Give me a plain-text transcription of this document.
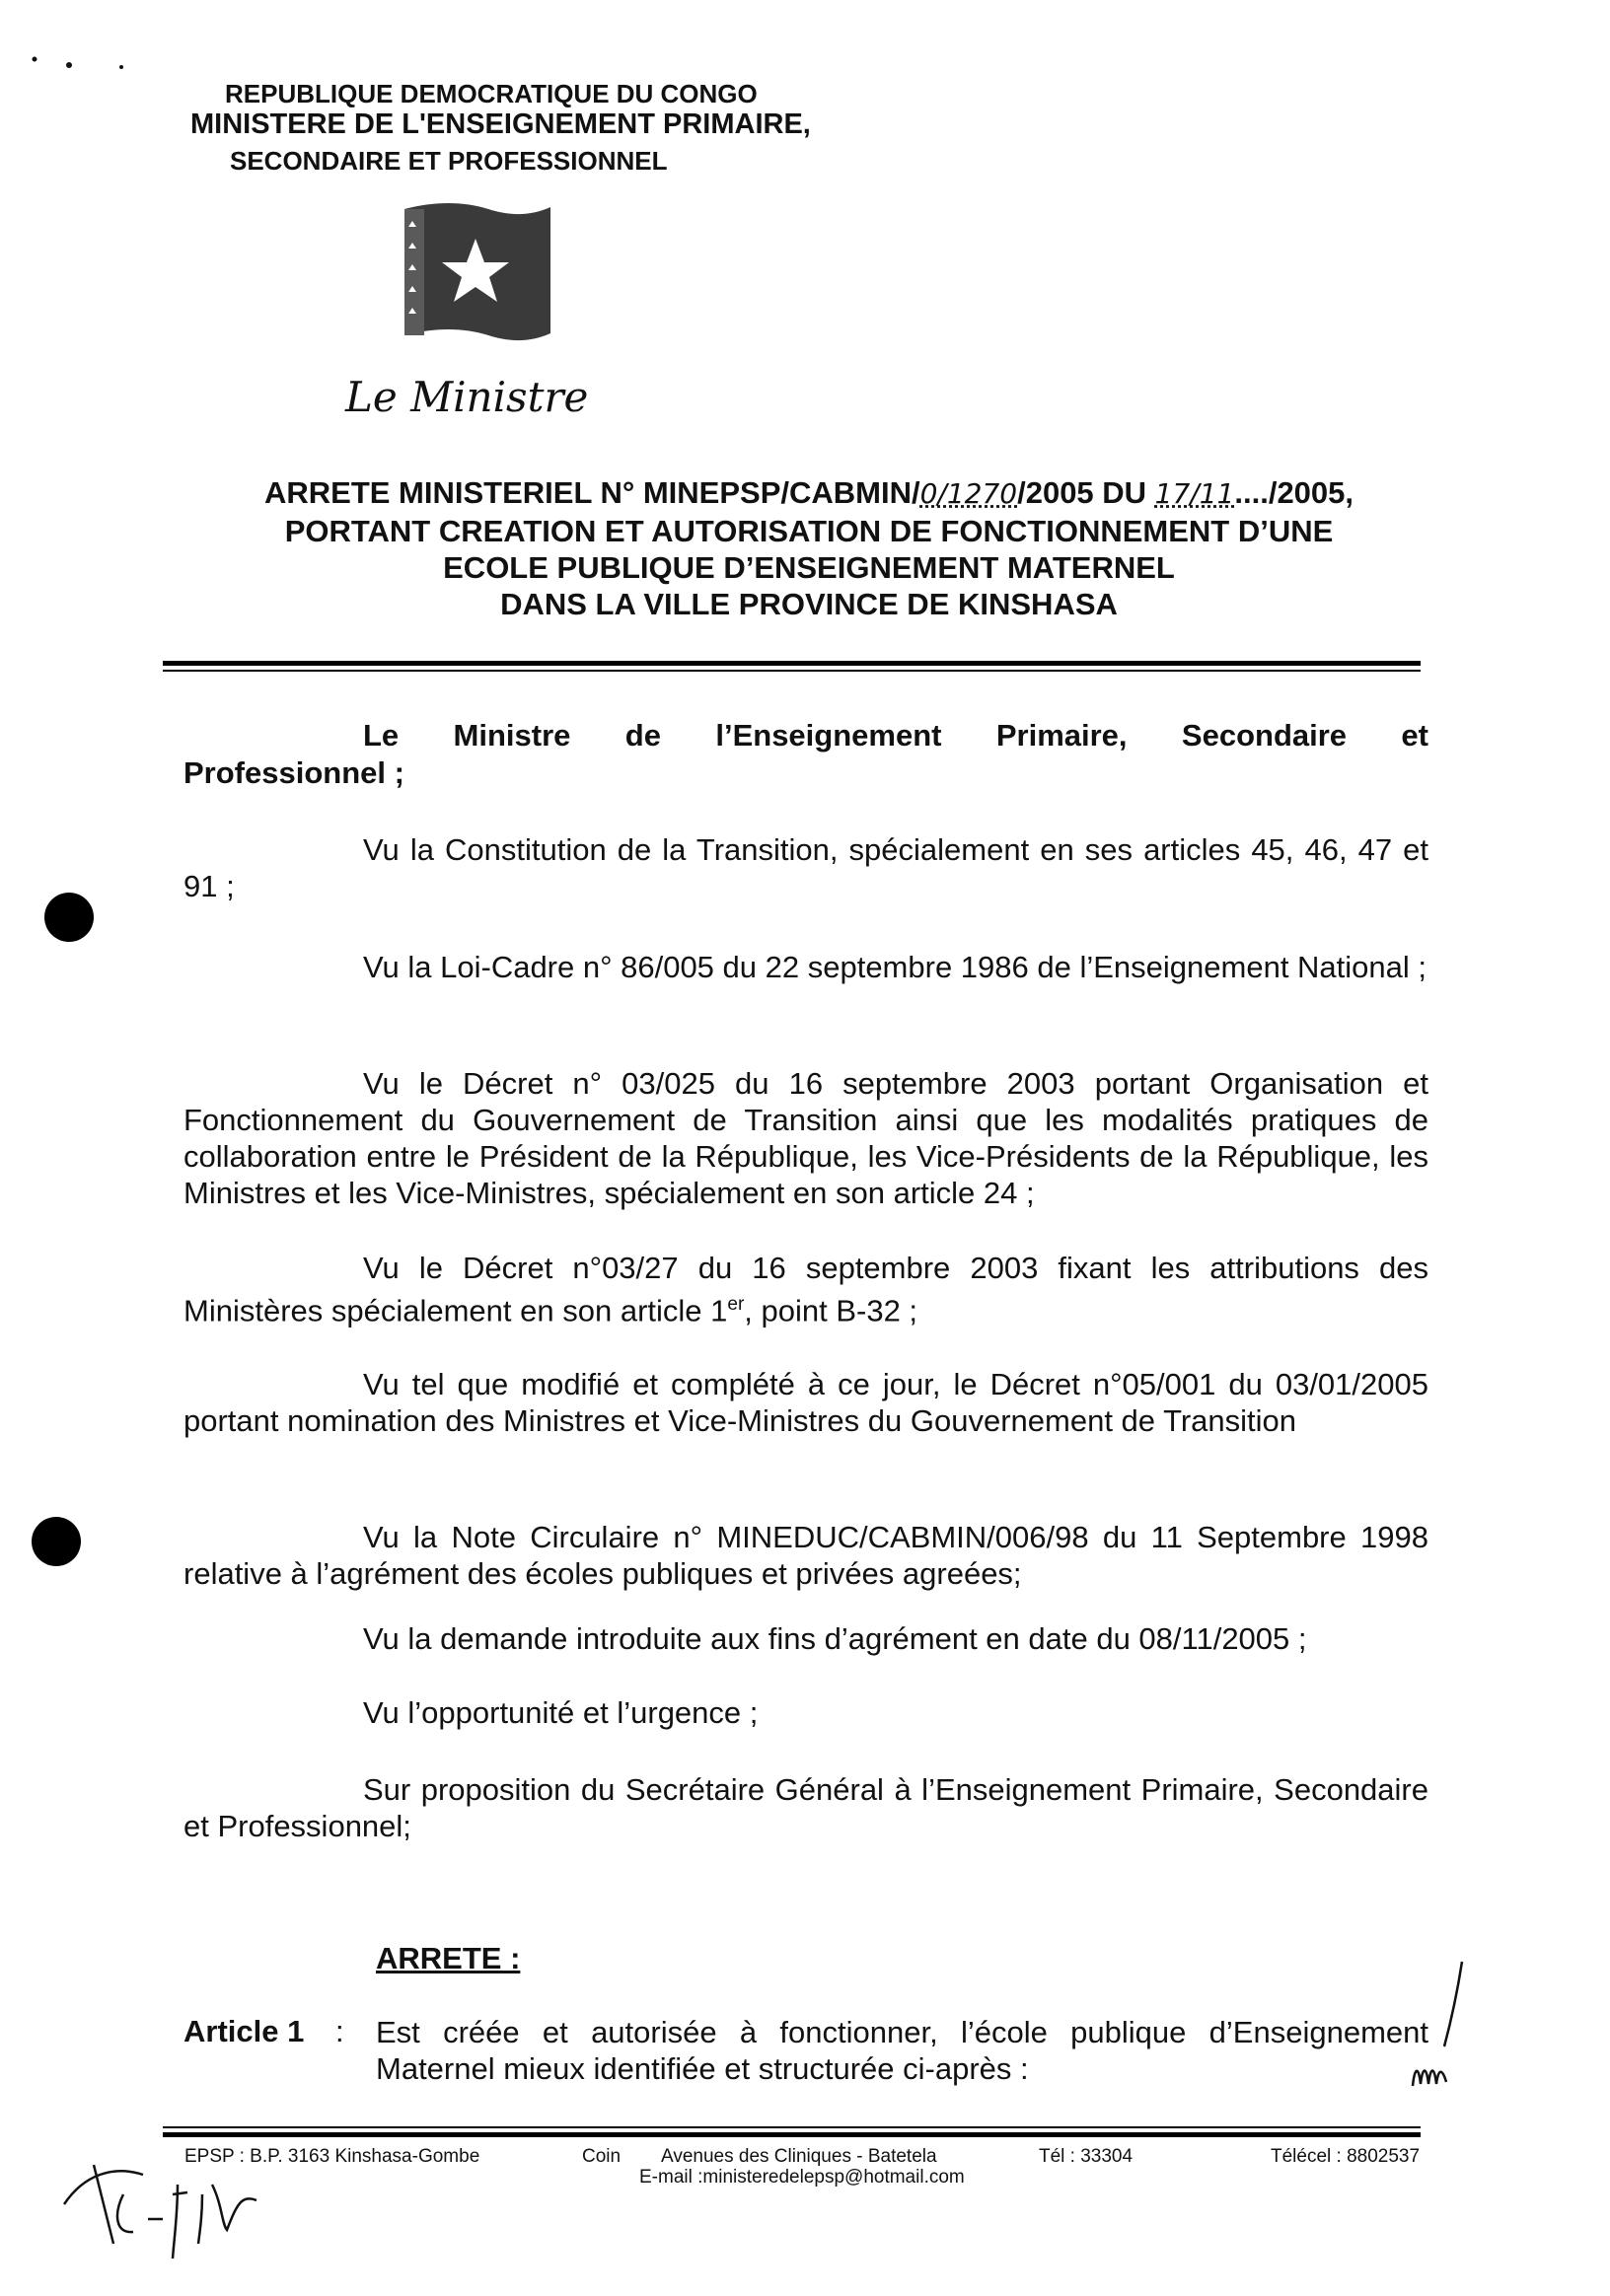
REPUBLIQUE DEMOCRATIQUE DU CONGO
MINISTERE DE L'ENSEIGNEMENT PRIMAIRE,
SECONDAIRE ET PROFESSIONNEL
Le Ministre
ARRETE MINISTERIEL N° MINEPSP/CABMIN/0/1270/2005 DU 17/11..../2005,
PORTANT CREATION ET AUTORISATION DE FONCTIONNEMENT D’UNE
ECOLE PUBLIQUE D’ENSEIGNEMENT MATERNEL
DANS LA VILLE PROVINCE DE KINSHASA
Le Ministre de l’Enseignement Primaire, Secondaire et
Professionnel ;
Vu la Constitution de la Transition, spécialement en ses articles 45, 46, 47 et 91 ;
Vu la Loi-Cadre n° 86/005 du 22 septembre 1986 de l’Enseignement National ;
Vu le Décret n° 03/025 du 16 septembre 2003 portant Organisation et Fonctionnement du Gouvernement de Transition ainsi que les modalités pratiques de collaboration entre le Président de la République, les Vice-Présidents de la République, les Ministres et les Vice-Ministres, spécialement en son article 24 ;
Vu le Décret n°03/27 du 16 septembre 2003 fixant les attributions des Ministères spécialement en son article 1er, point B-32 ;
Vu tel que modifié et complété à ce jour, le Décret n°05/001 du 03/01/2005 portant nomination des Ministres et Vice-Ministres du Gouvernement de Transition
Vu la Note Circulaire n° MINEDUC/CABMIN/006/98 du 11 Septembre 1998 relative à l’agrément des écoles publiques et privées agreées;
Vu la demande introduite aux fins d’agrément en date du 08/11/2005 ;
Vu l’opportunité et l’urgence ;
Sur proposition du Secrétaire Général à l’Enseignement Primaire, Secondaire et Professionnel;
ARRETE :
Article 1 : Est créée et autorisée à fonctionner, l’école publique d’Enseignement Maternel mieux identifiée et structurée ci-après :
EPSP : B.P. 3163 Kinshasa-Gombe	Coin Avenues des Cliniques - Batetela	Tél : 33304	Télécel : 8802537
E-mail :ministeredelepsp@hotmail.com
